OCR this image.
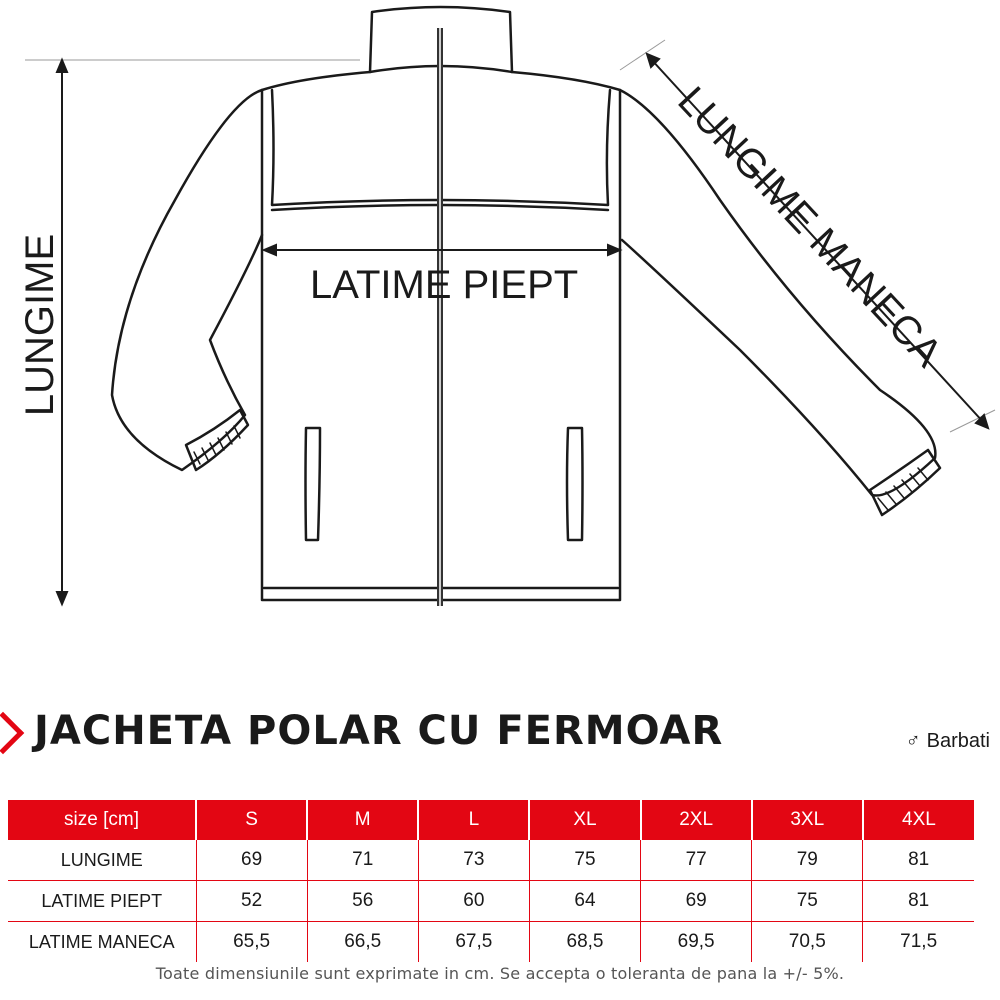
LUNGIME	LATIME PIEPT LUNGIME MANECA
JACHETA POLAR CU FERMOAR	♂ Barbati
size [cm]	S	M	L	XL	2XL	3XL	4XL
LUNGIME	69	71	73	75	77	79	81
LATIME PIEPT	52	56	60	64	69	75	81
LATIME MANECA	65,5	66,5	67,5	68,5	69,5	70,5	71,5
Toate dimensiunile sunt exprimate in cm. Se accepta o toleranta de pana la +/- 5%.
